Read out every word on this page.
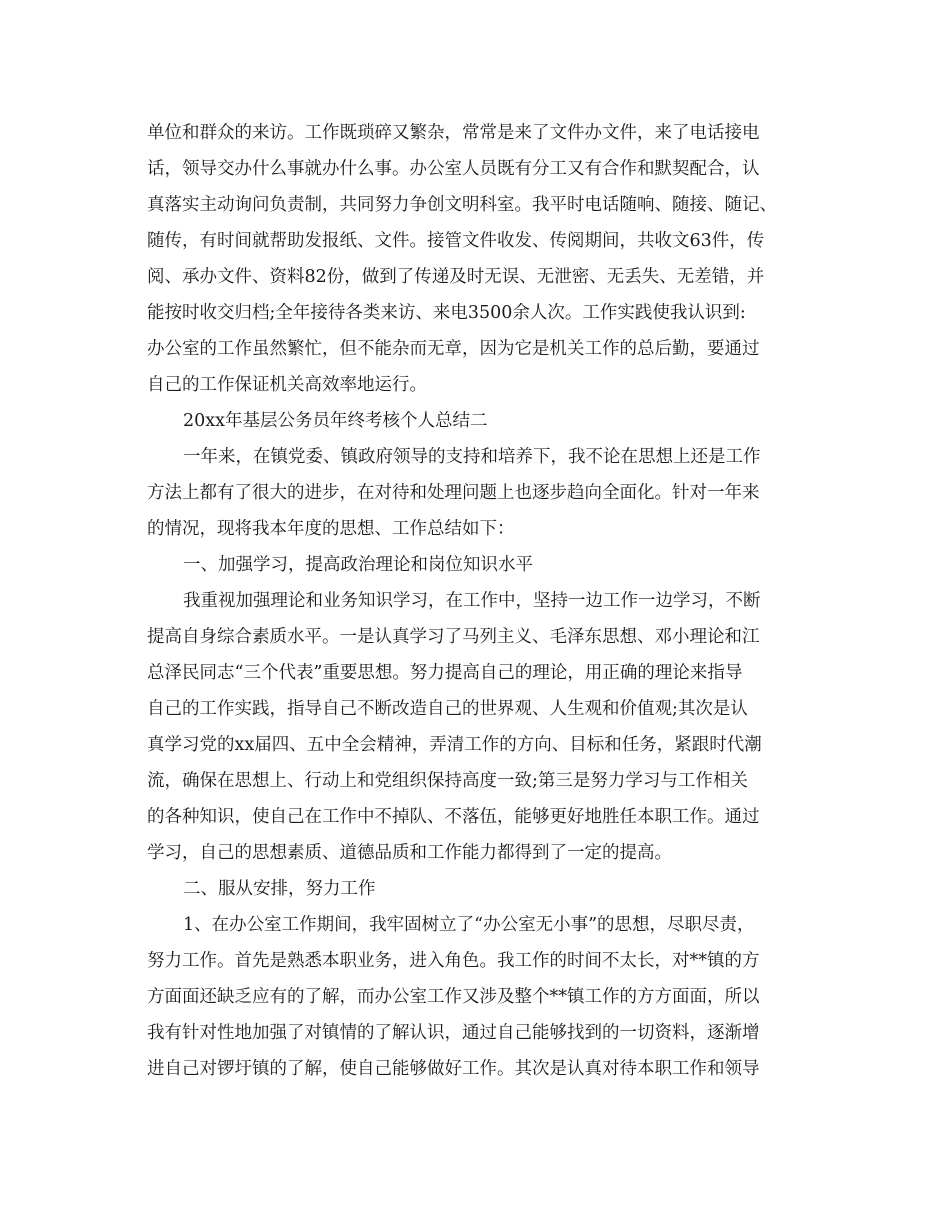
单位和群众的来访。工作既琐碎又繁杂，常常是来了文件办文件，来了电话接电
话，领导交办什么事就办什么事。办公室人员既有分工又有合作和默契配合，认
真落实主动询问负责制，共同努力争创文明科室。我平时电话随响、随接、随记、
随传，有时间就帮助发报纸、文件。接管文件收发、传阅期间，共收文63件，传
阅、承办文件、资料82份，做到了传递及时无误、无泄密、无丢失、无差错，并
能按时收交归档;全年接待各类来访、来电3500余人次。工作实践使我认识到:
办公室的工作虽然繁忙，但不能杂而无章，因为它是机关工作的总后勤，要通过
自己的工作保证机关高效率地运行。
20xx年基层公务员年终考核个人总结二
一年来，在镇党委、镇政府领导的支持和培养下，我不论在思想上还是工作
方法上都有了很大的进步，在对待和处理问题上也逐步趋向全面化。针对一年来
的情况，现将我本年度的思想、工作总结如下：
一、加强学习，提高政治理论和岗位知识水平
我重视加强理论和业务知识学习，在工作中，坚持一边工作一边学习，不断
提高自身综合素质水平。一是认真学习了马列主义、毛泽东思想、邓小理论和江
总泽民同志“三个代表”重要思想。努力提高自己的理论，用正确的理论来指导
自己的工作实践，指导自己不断改造自己的世界观、人生观和价值观;其次是认
真学习党的xx届四、五中全会精神，弄清工作的方向、目标和任务，紧跟时代潮
流，确保在思想上、行动上和党组织保持高度一致;第三是努力学习与工作相关
的各种知识，使自己在工作中不掉队、不落伍，能够更好地胜任本职工作。通过
学习，自己的思想素质、道德品质和工作能力都得到了一定的提高。
二、服从安排，努力工作
1、在办公室工作期间，我牢固树立了“办公室无小事”的思想，尽职尽责，
努力工作。首先是熟悉本职业务，进入角色。我工作的时间不太长，对**镇的方
方面面还缺乏应有的了解，而办公室工作又涉及整个**镇工作的方方面面，所以
我有针对性地加强了对镇情的了解认识，通过自己能够找到的一切资料，逐渐增
进自己对锣圩镇的了解，使自己能够做好工作。其次是认真对待本职工作和领导
